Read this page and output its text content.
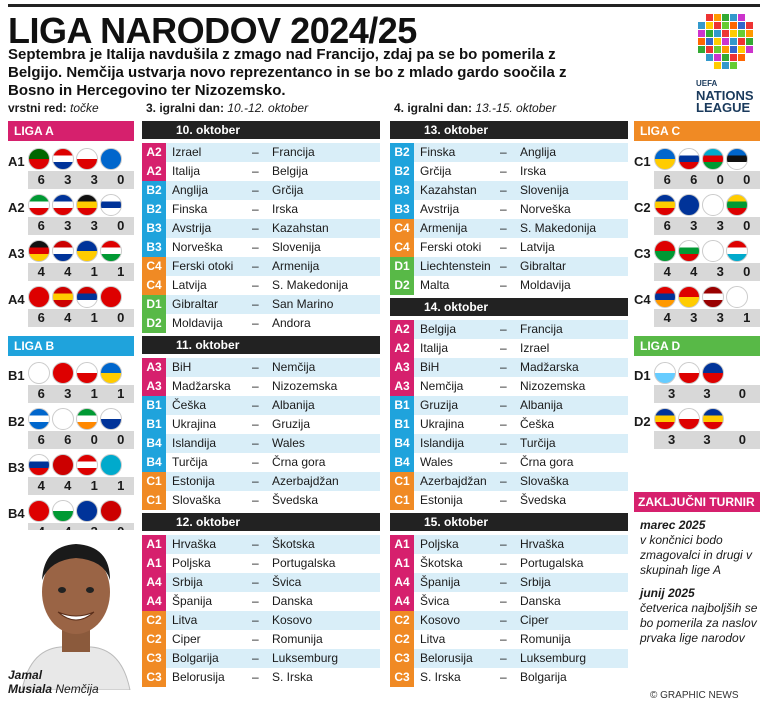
LIGA NARODOV 2024/25
Septembra je Italija navdušila z zmago nad Francijo, zdaj pa se bo pomerila z Belgijo. Nemčija ustvarja novo reprezentanco in se bo z mlado gardo soočila z Bosno in Hercegovino ter Nizozemsko.	UEFA
NATIONS
LEAGUE
vrstni red: točke	3. igralni dan: 10.-12. oktober	4. igralni dan: 13.-15. oktober
LIGA A
A1
6	3	3	0
A2
6	3	3	0
A3
4	4	1	1
A4
6	4	1	0
LIGA B
B1
6	3	1	1
B2
6	6	0	0
B3
4	4	1	1
B4
LIGA C
C1
6	6	0	0
C2
6	3	3	0
C3
4	4	3	0
C4
4	3	3	1
LIGA D
D1
3	3	0
D2
3	3	0
10. oktober
A2 Izrael	–	Francija
A2 Italija	–	Belgija
B2 Anglija	–	Grčija
B2 Finska	–	Irska
B3 Avstrija	–	Kazahstan
B3 Norveška	–	Slovenija
C4 Ferski otoki	–	Armenija
C4 Latvija	–	S. Makedonija
D1 Gibraltar	–	San Marino
D2 Moldavija	–	Andora
11. oktober
A3 BiH	–	Nemčija
A3 Madžarska	–	Nizozemska
B1 Češka	–	Albanija
B1 Ukrajina	–	Gruzija
B4 Islandija	–	Wales
B4 Turčija	–	Črna gora
C1 Estonija	–	Azerbajdžan
C1 Slovaška	–	Švedska
12. oktober
A1 Hrvaška	–	Škotska
A1 Poljska	–	Portugalska
A4 Srbija	–	Švica
A4 Španija	–	Danska
C2 Litva	–	Kosovo
C2 Ciper	–	Romunija
C3 Bolgarija	–	Luksemburg
C3 Belorusija	–	S. Irska
13. oktober
B2 Finska	–	Anglija
B2 Grčija	–	Irska
B3 Kazahstan	–	Slovenija
B3 Avstrija	–	Norveška
C4 Armenija	–	S. Makedonija
C4 Ferski otoki	–	Latvija
D1 Liechtenstein –	Gibraltar
D2 Malta	–	Moldavija
14. oktober
A2 Belgija	–	Francija
A2 Italija	–	Izrael
A3 BiH	–	Madžarska
A3 Nemčija	–	Nizozemska
B1 Gruzija	–	Albanija
B1 Ukrajina	–	Češka
B4 Islandija	–	Turčija
B4 Wales	–	Črna gora
C1 Azerbajdžan	–	Slovaška
C1 Estonija	–	Švedska
15. oktober
A1 Poljska	–	Hrvaška
A1 Škotska	–	Portugalska
A4 Španija	–	Srbija
A4 Švica	–	Danska
C2 Kosovo	–	Ciper
C2 Litva	–	Romunija
C3 Belorusija	–	Luksemburg
C3 S. Irska	–	Bolgarija
Jamal
Musiala Nemčija
ZAKLJUČNI TURNIR
marec 2025
v končnici bodo zmagovalci in drugi v skupinah lige A
junij 2025
četverica najboljših se bo pomerila za naslov prvaka lige narodov
© GRAPHIC NEWS
